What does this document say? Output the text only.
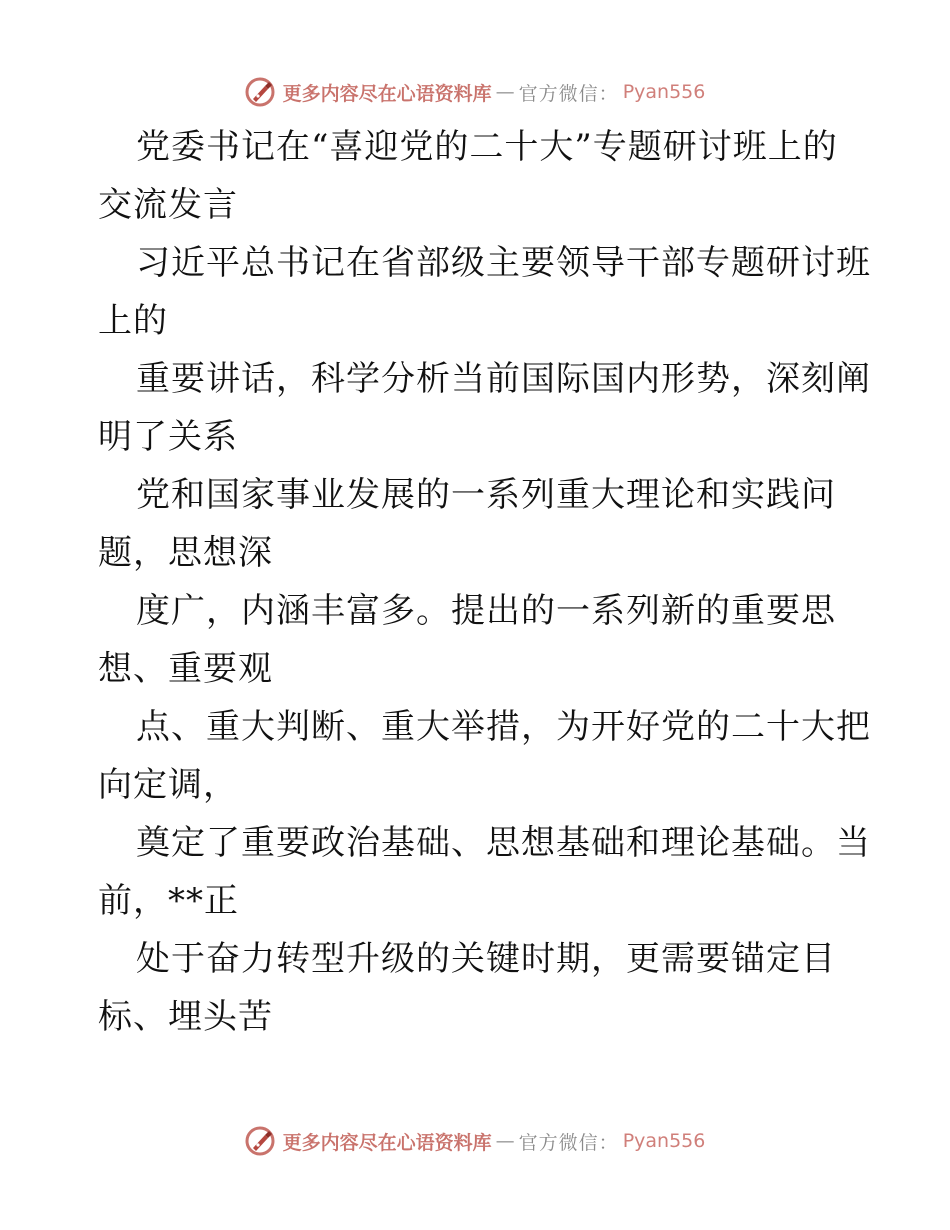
更多内容尽在心语资料库 — 官方微信： Pyan556
党委书记在“喜迎党的二十大”专题研讨班上的
交流发言
习近平总书记在省部级主要领导干部专题研讨班
上的
重要讲话，科学分析当前国际国内形势，深刻阐
明了关系
党和国家事业发展的一系列重大理论和实践问
题，思想深
度广，内涵丰富多。提出的一系列新的重要思
想、重要观
点、重大判断、重大举措，为开好党的二十大把
向定调，
奠定了重要政治基础、思想基础和理论基础。当
前，**正
处于奋力转型升级的关键时期，更需要锚定目
标、埋头苦
更多内容尽在心语资料库 — 官方微信： Pyan556
